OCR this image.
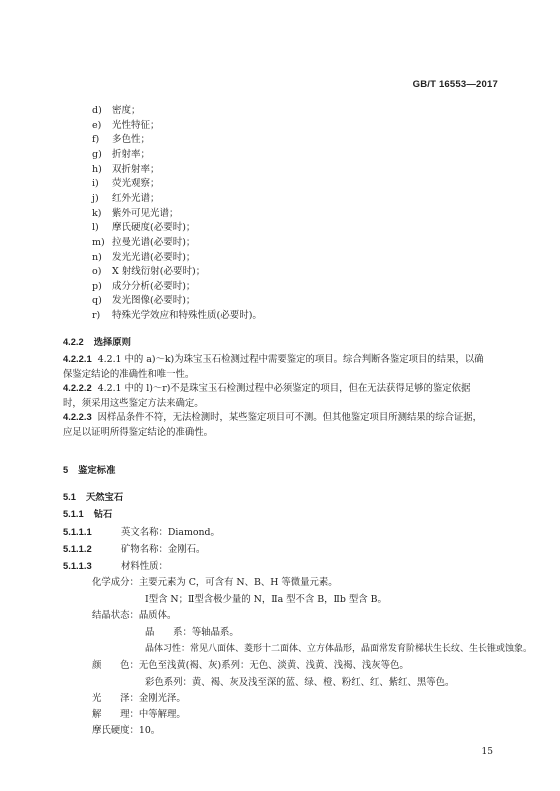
GB/T 16553—2017
d) 密度；
e) 光性特征；
f) 多色性；
g) 折射率；
h) 双折射率；
i) 荧光观察；
j) 红外光谱；
k) 紫外可见光谱；
l) 摩氏硬度(必要时)；
m) 拉曼光谱(必要时)；
n) 发光光谱(必要时)；
o) X 射线衍射(必要时)；
p) 成分分析(必要时)；
q) 发光图像(必要时)；
r) 特殊光学效应和特殊性质(必要时)。
4.2.2 选择原则
4.2.2.1 4.2.1 中的 a)～k)为珠宝玉石检测过程中需要鉴定的项目。综合判断各鉴定项目的结果，以确
保鉴定结论的准确性和唯一性。
4.2.2.2 4.2.1 中的 l)～r)不是珠宝玉石检测过程中必须鉴定的项目，但在无法获得足够的鉴定依据
时，须采用这些鉴定方法来确定。
4.2.2.3 因样品条件不符，无法检测时，某些鉴定项目可不测。但其他鉴定项目所测结果的综合证据，
应足以证明所得鉴定结论的准确性。
5 鉴定标准
5.1 天然宝石
5.1.1 钻石
5.1.1.1	英文名称：Diamond。
5.1.1.2	矿物名称：金刚石。
5.1.1.3	材料性质：
化学成分：主要元素为 C，可含有 N、B、H 等微量元素。
Ⅰ型含 N；Ⅱ型含极少量的 N，Ⅱa 型不含 B，Ⅱb 型含 B。
结晶状态：晶质体。
晶　　系：等轴晶系。
晶体习性：常见八面体、菱形十二面体、立方体晶形，晶面常发育阶梯状生长纹、生长锥或蚀象。
颜　　色：无色至浅黄(褐、灰)系列：无色、淡黄、浅黄、浅褐、浅灰等色。
彩色系列：黄、褐、灰及浅至深的蓝、绿、橙、粉红、红、紫红、黑等色。
光　　泽：金刚光泽。
解　　理：中等解理。
摩氏硬度：10。
15
